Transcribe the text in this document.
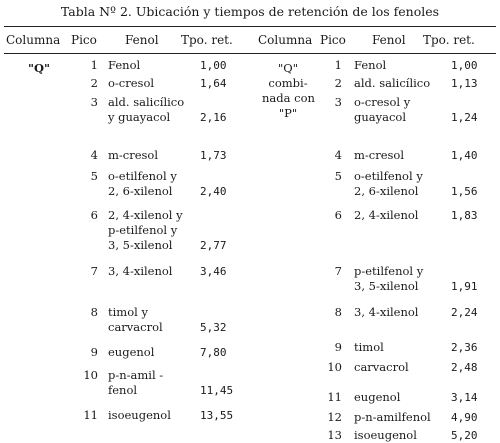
Tabla Nº 2. Ubicación y tiempos de retención de los fenoles
Columna Pico Fenol Tpo. ret. Columna Pico Fenol Tpo. ret.
"Q"	1 Fenol	1,00
2 o-cresol	1,64
3 ald. salicílico
y guayacol	2,16
4 m-cresol	1,73
5 o-etilfenol y
2, 6-xilenol	2,40
6 2, 4-xilenol y
p-etilfenol y
3, 5-xilenol	2,77
7 3, 4-xilenol	3,46
8 timol y
carvacrol	5,32
9 eugenol	7,80
10 p-n-amil -
fenol	11,45
11 isoeugenol	13,55
"Q"
combi-
nada con
"P"
1 Fenol	1,00
2 ald. salicílico 1,13
3 o-cresol y
guayacol	1,24
4 m-cresol	1,40
5 o-etilfenol y
2, 6-xilenol	1,56
6 2, 4-xilenol	1,83
7 p-etilfenol y
3, 5-xilenol	1,91
8 3, 4-xilenol	2,24
9 timol	2,36
10 carvacrol	2,48
11 eugenol	3,14
12 p-n-amilfenol 4,90
13 isoeugenol	5,20
